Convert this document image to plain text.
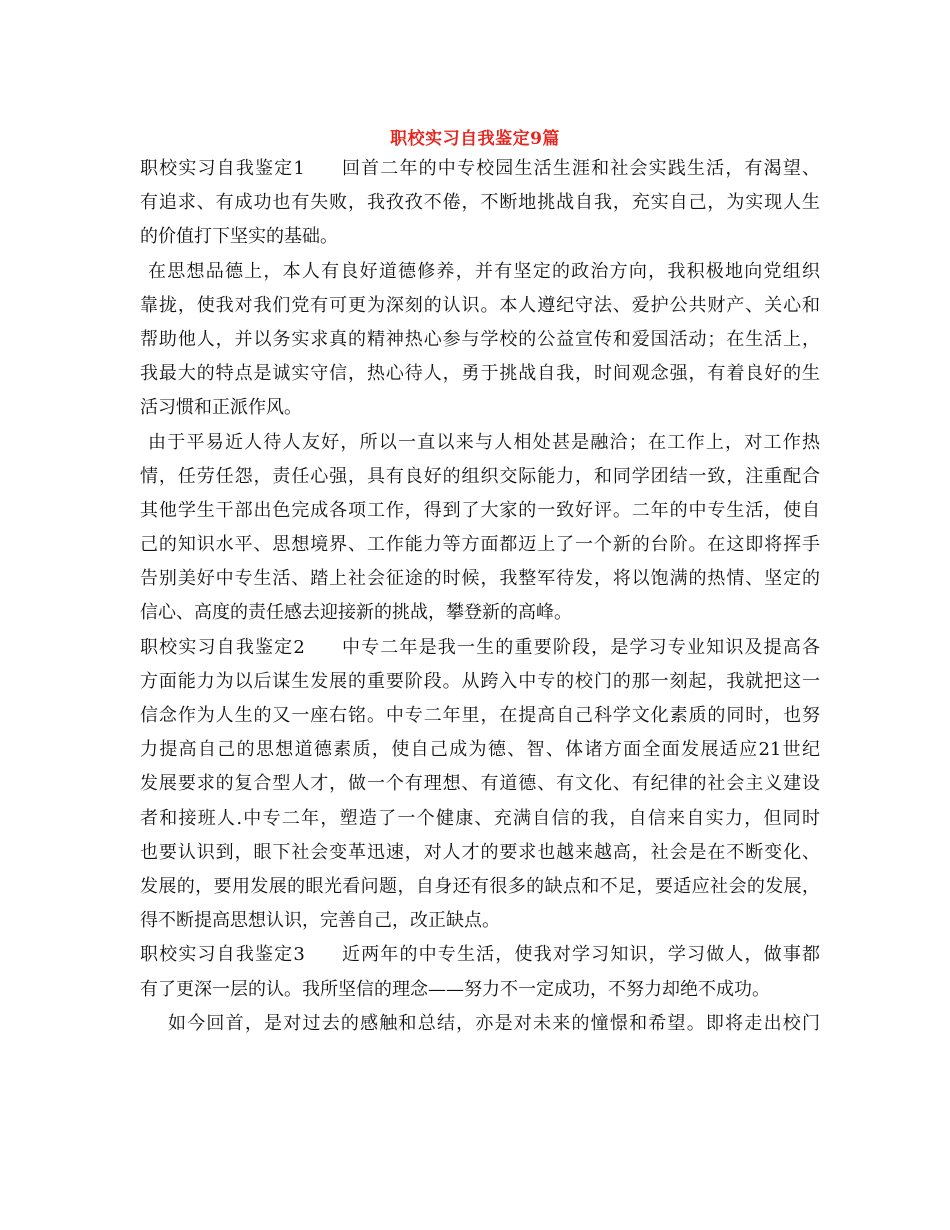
职校实习自我鉴定9篇
职校实习自我鉴定1 回首二年的中专校园生活生涯和社会实践生活，有渴望、
有追求、有成功也有失败，我孜孜不倦，不断地挑战自我，充实自己，为实现人生
的价值打下坚实的基础。
在思想品德上，本人有良好道德修养，并有坚定的政治方向，我积极地向党组织
靠拢，使我对我们党有可更为深刻的认识。本人遵纪守法、爱护公共财产、关心和
帮助他人，并以务实求真的精神热心参与学校的公益宣传和爱国活动；在生活上，
我最大的特点是诚实守信，热心待人，勇于挑战自我，时间观念强，有着良好的生
活习惯和正派作风。
由于平易近人待人友好，所以一直以来与人相处甚是融洽；在工作上，对工作热
情，任劳任怨，责任心强，具有良好的组织交际能力，和同学团结一致，注重配合
其他学生干部出色完成各项工作，得到了大家的一致好评。二年的中专生活，使自
己的知识水平、思想境界、工作能力等方面都迈上了一个新的台阶。在这即将挥手
告别美好中专生活、踏上社会征途的时候，我整军待发，将以饱满的热情、坚定的
信心、高度的责任感去迎接新的挑战，攀登新的高峰。
职校实习自我鉴定2 中专二年是我一生的重要阶段，是学习专业知识及提高各
方面能力为以后谋生发展的重要阶段。从跨入中专的校门的那一刻起，我就把这一
信念作为人生的又一座右铭。中专二年里，在提高自己科学文化素质的同时，也努
力提高自己的思想道德素质，使自己成为德、智、体诸方面全面发展适应21世纪
发展要求的复合型人才，做一个有理想、有道德、有文化、有纪律的社会主义建设
者和接班人.中专二年，塑造了一个健康、充满自信的我，自信来自实力，但同时
也要认识到，眼下社会变革迅速，对人才的要求也越来越高，社会是在不断变化、
发展的，要用发展的眼光看问题，自身还有很多的缺点和不足，要适应社会的发展，
得不断提高思想认识，完善自己，改正缺点。
职校实习自我鉴定3 近两年的中专生活，使我对学习知识，学习做人，做事都
有了更深一层的认。我所坚信的理念——努力不一定成功，不努力却绝不成功。
如今回首，是对过去的感触和总结，亦是对未来的憧憬和希望。即将走出校门
